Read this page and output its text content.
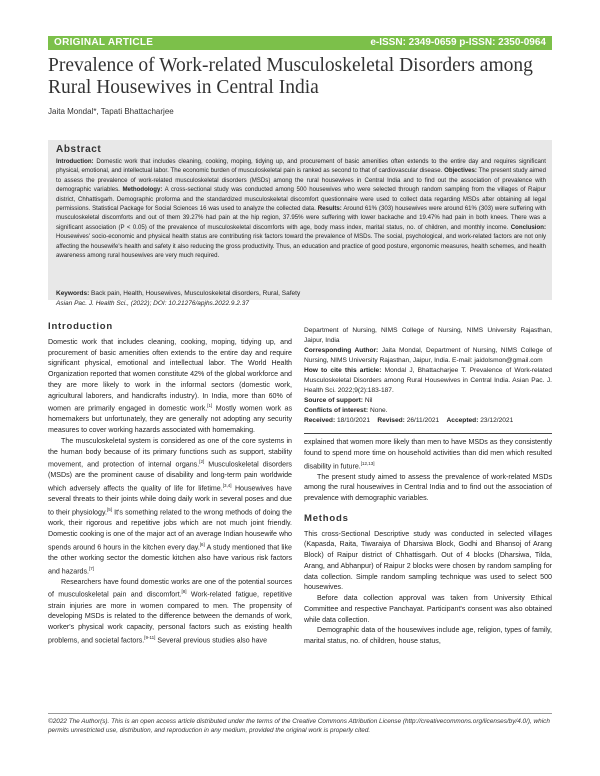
ORIGINAL ARTICLE	e-ISSN: 2349-0659 p-ISSN: 2350-0964
Prevalence of Work-related Musculoskeletal Disorders among Rural Housewives in Central India
Jaita Mondal*, Tapati Bhattacharjee
Abstract
Introduction: Domestic work that includes cleaning, cooking, moping, tidying up, and procurement of basic amenities often extends to the entire day and requires significant physical, emotional, and intellectual labor. The economic burden of musculoskeletal pain is ranked as second to that of cardiovascular disease. Objectives: The present study aimed to assess the prevalence of work-related musculoskeletal disorders (MSDs) among the rural housewives in Central India and to find out the association of prevalence with demographic variables. Methodology: A cross-sectional study was conducted among 500 housewives who were selected through random sampling from the villages of Raipur district, Chhattisgarh. Demographic proforma and the standardized musculoskeletal discomfort questionnaire were used to collect data regarding MSDs after obtaining all legal permissions. Statistical Package for Social Sciences 16 was used to analyze the collected data. Results: Around 61% (303) housewives were around 61% (303) were suffering with musculoskeletal discomforts and out of them 39.27% had pain at the hip region, 37.95% were suffering with lower backache and 19.47% had pain in both knees. There was a significant association (P < 0.05) of the prevalence of musculoskeletal discomforts with age, body mass index, marital status, no. of children, and monthly income. Conclusion: Housewives' socio-economic and physical health status are contributing risk factors toward the prevalence of MSDs. The social, psychological, and work-related factors are not only affecting the housewife's health and safety it also reducing the gross productivity. Thus, an education and practice of good posture, ergonomic measures, health schemes, and health awareness among rural housewives are very much required.
Keywords: Back pain, Health, Housewives, Musculoskeletal disorders, Rural, Safety
Asian Pac. J. Health Sci., (2022); DOI: 10.21276/apjhs.2022.9.2.37
Introduction

Domestic work that includes cleaning, cooking, moping, tidying up, and procurement of basic amenities often extends to the entire day and require significant physical, emotional and intellectual labor. The World Health Organization reported that women constitute 42% of the global workforce and they are more likely to work in the informal sectors (domestic work, agricultural laborers, and handicrafts industry). In India, more than 60% of women are primarily engaged in domestic work.[1] Mostly women work as homemakers but unfortunately, they are generally not adopting any security measures to cover working hazards associated with homemaking.

The musculoskeletal system is considered as one of the core systems in the human body because of its primary functions such as support, stability movement, and protection of internal organs.[2] Musculoskeletal disorders (MSDs) are the prominent cause of disability and long-term pain worldwide which adversely affects the quality of life for lifetime.[3,4] Housewives have several threats to their joints while doing daily work in several poses and due to their physiology.[5] It's something related to the wrong methods of doing the work, their rigorous and repetitive jobs which are not much joint friendly. Domestic cooking is one of the major act of an average Indian housewife who spends around 6 hours in the kitchen every day.[6] A study mentioned that like the other working sector the domestic kitchen also have various risk factors and hazards.[7]

Researchers have found domestic works are one of the potential sources of musculoskeletal pain and discomfort.[8] Work-related fatigue, repetitive strain injuries are more in women compared to men. The propensity of developing MSDs is related to the difference between the demands of work, worker's physical work capacity, personal factors such as existing health problems, and societal factors.[9-11] Several previous studies also have

Department of Nursing, NIMS College of Nursing, NIMS University Rajasthan, Jaipur, India

Corresponding Author: Jaita Mondal, Department of Nursing, NIMS College of Nursing, NIMS University Rajasthan, Jaipur, India. E-mail: jaidolsmon@gmail.com

How to cite this article: Mondal J, Bhattacharjee T. Prevalence of Work-related Musculoskeletal Disorders among Rural Housewives in Central India. Asian Pac. J. Health Sci. 2022;9(2):183-187.

Source of support: Nil

Conflicts of interest: None.

Received: 18/10/2021 Revised: 26/11/2021 Accepted: 23/12/2021

explained that women more likely than men to have MSDs as they consistently found to spend more time on household activities than did men which resulted disability in future.[12,13]

The present study aimed to assess the prevalence of work-related MSDs among the rural housewives in Central India and to find out the association of prevalence with demographic variables.

Methods

This cross-Sectional Descriptive study was conducted in selected villages (Kapasda, Raita, Tiwaraiya of Dharsiwa Block, Godhi and Bhansoj of Arang Block) of Raipur district of Chhattisgarh. Out of 4 blocks (Dharsiwa, Tilda, Arang, and Abhanpur) of Raipur 2 blocks were chosen by random sampling for data collection. Simple random sampling technique was used to select 500 housewives.

Before data collection approval was taken from University Ethical Committee and respective Panchayat. Participant's consent was also obtained while data collection.

Demographic data of the housewives include age, religion, types of family, marital status, no. of children, house status,

©2022 The Author(s). This is an open access article distributed under the terms of the Creative Commons Attribution License (http://creativecommons.org/licenses/by/4.0/), which permits unrestricted use, distribution, and reproduction in any medium, provided the original work is properly cited.
